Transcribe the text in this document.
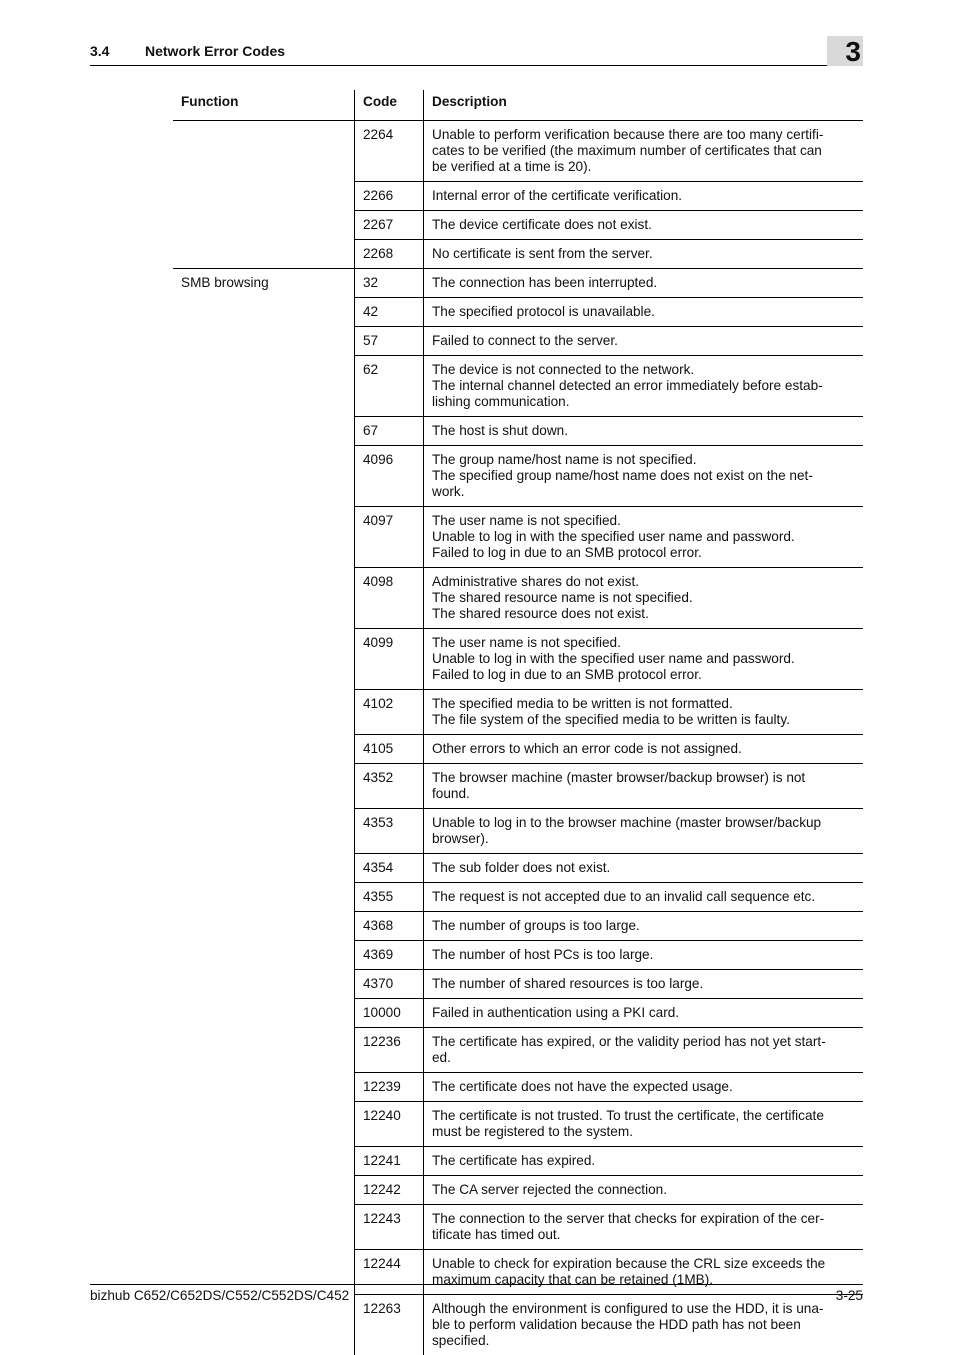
3.4	Network Error Codes	3
Function	Code	Description
	2264	Unable to perform verification because there are too many certifi-
cates to be verified (the maximum number of certificates that can
be verified at a time is 20).

	2266	Internal error of the certificate verification.

	2267	The device certificate does not exist.

	2268	No certificate is sent from the server.

SMB browsing	32	The connection has been interrupted.

	42	The specified protocol is unavailable.

	57	Failed to connect to the server.

	62	The device is not connected to the network.
The internal channel detected an error immediately before estab-
lishing communication.

	67	The host is shut down.

	4096	The group name/host name is not specified.
The specified group name/host name does not exist on the net-
work.

	4097	The user name is not specified.
Unable to log in with the specified user name and password.
Failed to log in due to an SMB protocol error.

	4098	Administrative shares do not exist.
The shared resource name is not specified.
The shared resource does not exist.

	4099	The user name is not specified.
Unable to log in with the specified user name and password.
Failed to log in due to an SMB protocol error.

	4102	The specified media to be written is not formatted.
The file system of the specified media to be written is faulty.

	4105	Other errors to which an error code is not assigned.

	4352	The browser machine (master browser/backup browser) is not
found.

	4353	Unable to log in to the browser machine (master browser/backup
browser).

	4354	The sub folder does not exist.

	4355	The request is not accepted due to an invalid call sequence etc.

	4368	The number of groups is too large.

	4369	The number of host PCs is too large.

	4370	The number of shared resources is too large.

	10000	Failed in authentication using a PKI card.

	12236	The certificate has expired, or the validity period has not yet start-
ed.

	12239	The certificate does not have the expected usage.

	12240	The certificate is not trusted. To trust the certificate, the certificate
must be registered to the system.

	12241	The certificate has expired.

	12242	The CA server rejected the connection.

	12243	The connection to the server that checks for expiration of the cer-
tificate has timed out.

	12244	Unable to check for expiration because the CRL size exceeds the
maximum capacity that can be retained (1MB).

	12263	Although the environment is configured to use the HDD, it is una-
ble to perform validation because the HDD path has not been
specified.
bizhub C652/C652DS/C552/C552DS/C452	3-25
